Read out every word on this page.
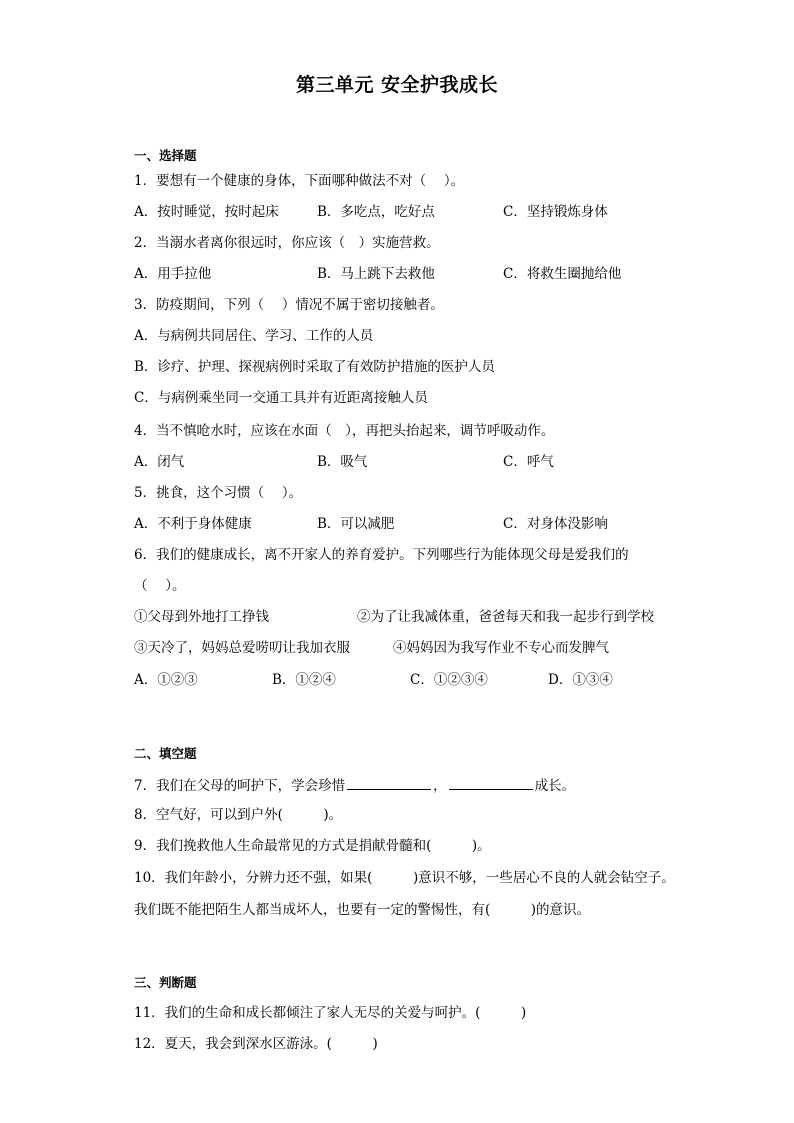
第三单元 安全护我成长
一、选择题
1．要想有一个健康的身体，下面哪种做法不对（　 ）。
A．按时睡觉，按时起床	B．多吃点，吃好点	C．坚持锻炼身体
2．当溺水者离你很远时，你应该（　）实施营救。
A．用手拉他	B．马上跳下去救他	C．将救生圈抛给他
3．防疫期间，下列（　 ）情况不属于密切接触者。
A．与病例共同居住、学习、工作的人员
B．诊疗、护理、探视病例时采取了有效防护措施的医护人员
C．与病例乘坐同一交通工具并有近距离接触人员
4．当不慎呛水时，应该在水面（　），再把头抬起来，调节呼吸动作。
A．闭气	B．吸气	C．呼气
5．挑食，这个习惯（　 ）。
A．不利于身体健康	B．可以减肥	C．对身体没影响
6．我们的健康成长，离不开家人的养育爱护。下列哪些行为能体现父母是爱我们的
（　 ）。
①父母到外地打工挣钱	②为了让我减体重，爸爸每天和我一起步行到学校
③天冷了，妈妈总爱唠叨让我加衣服	④妈妈因为我写作业不专心而发脾气
A．①②③	B．①②④	C．①②③④	D．①③④
二、填空题
7．我们在父母的呵护下，学会珍惜	，	成长。
8．空气好，可以到户外(　　　)。
9．我们挽救他人生命最常见的方式是捐献骨髓和(　　　)。
10．我们年龄小，分辨力还不强，如果(　　　)意识不够，一些居心不良的人就会钻空子。
我们既不能把陌生人都当成坏人，也要有一定的警惕性，有(　　　)的意识。
三、判断题
11．我们的生命和成长都倾注了家人无尽的关爱与呵护。(　　　)
12．夏天，我会到深水区游泳。(　　　)
